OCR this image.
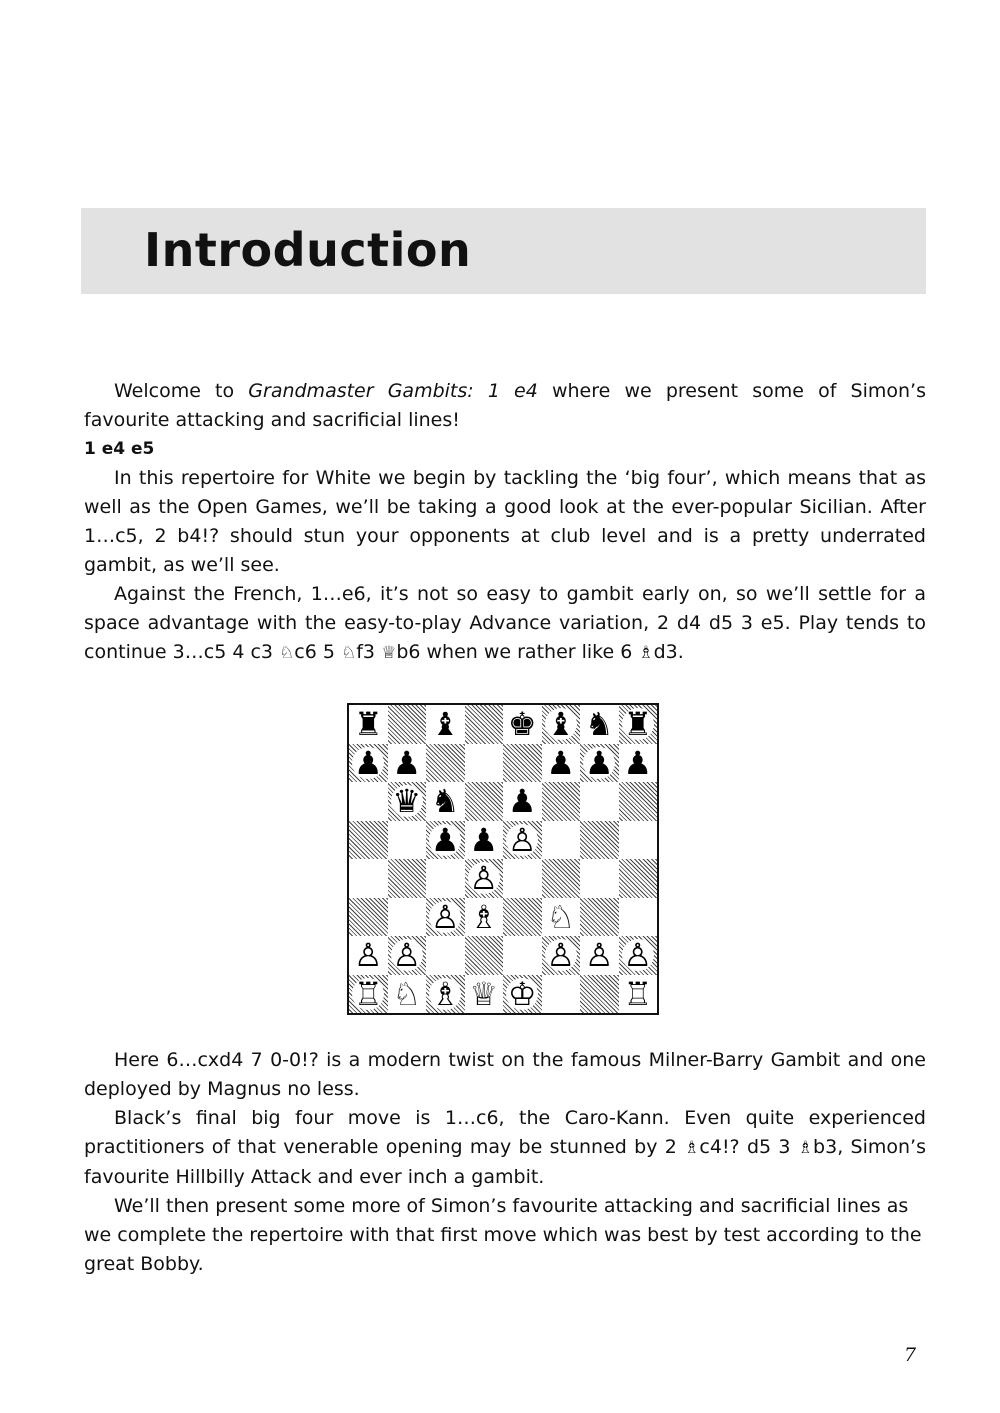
Introduction

Welcome to Grandmaster Gambits: 1 e4 where we present some of Simon’s favourite attacking and sacrificial lines!

1 e4 e5

In this repertoire for White we begin by tackling the ‘big four’, which means that as well as the Open Games, we’ll be taking a good look at the ever-popular Sicilian. After 1…c5, 2 b4!? should stun your opponents at club level and is a pretty underrated gambit, as we’ll see.

Against the French, 1…e6, it’s not so easy to gambit early on, so we’ll settle for a space advantage with the easy-to-play Advance variation, 2 d4 d5 3 e5. Play tends to continue 3…c5 4 c3 ♘c6 5 ♘f3 ♕b6 when we rather like 6 ♗d3.

♜ ♝ ♚ ♝ ♞ ♜
♟ ♟	♟ ♟ ♟
♛ ♞ ♟
♟ ♟ ♙
♙
♙ ♗ ♘
♙ ♙	♙ ♙ ♙
♖ ♘ ♗ ♕ ♔	♖

Here 6…cxd4 7 0-0!? is a modern twist on the famous Milner-Barry Gambit and one deployed by Magnus no less.

Black’s final big four move is 1…c6, the Caro-Kann. Even quite experienced practitioners of that venerable opening may be stunned by 2 ♗c4!? d5 3 ♗b3, Simon’s favourite Hillbilly Attack and ever inch a gambit.

We’ll then present some more of Simon’s favourite attacking and sacrificial lines as we complete the repertoire with that first move which was best by test according to the great Bobby.

7
